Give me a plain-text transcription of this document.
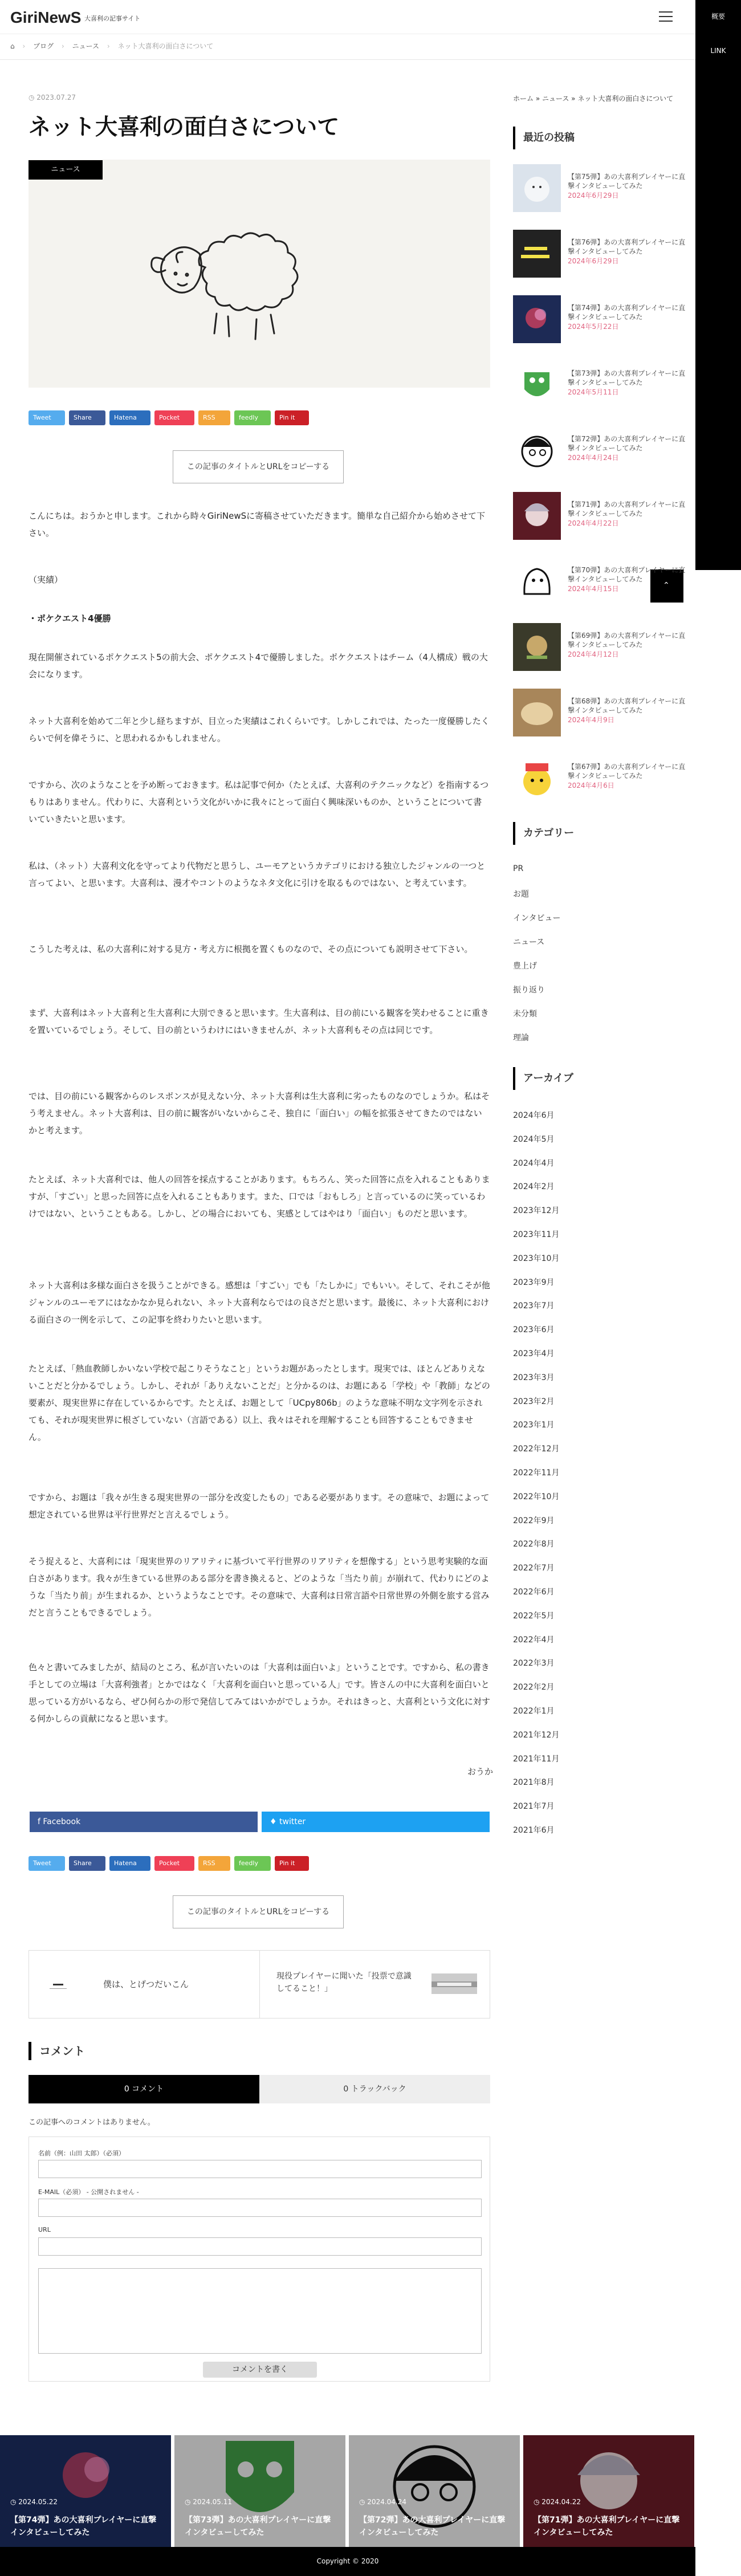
GiriNewS 大喜利の記事サイト	概要
LINK
⌃
⌂ › ブログ › ニュース › ネット大喜利の面白さについて
◷ 2023.07.27
ネット大喜利の面白さについて
ニュース
Tweet	Share	Hatena	Pocket	RSS	feedly	Pin it
この記事のタイトルとURLをコピーする

こんにちは。おうかと申します。これから時々GiriNewSに寄稿させていただきます。簡単な自己紹介から始めさせて下さい。

（実績）

・ポケクエスト4優勝

現在開催されているポケクエスト5の前大会、ポケクエスト4で優勝しました。ポケクエストはチーム（4人構成）戦の大会になります。

ネット大喜利を始めて二年と少し経ちますが、目立った実績はこれくらいです。しかしこれでは、たった一度優勝したくらいで何を偉そうに、と思われるかもしれません。

ですから、次のようなことを予め断っておきます。私は記事で何か（たとえば、大喜利のテクニックなど）を指南するつもりはありません。代わりに、大喜利という文化がいかに我々にとって面白く興味深いものか、ということについて書いていきたいと思います。

私は、（ネット）大喜利文化を守ってより代物だと思うし、ユーモアというカテゴリにおける独立したジャンルの一つと言ってよい、と思います。大喜利は、漫才やコントのようなネタ文化に引けを取るものではない、と考えています。

こうした考えは、私の大喜利に対する見方・考え方に根拠を置くものなので、その点についても説明させて下さい。

まず、大喜利はネット大喜利と生大喜利に大別できると思います。生大喜利は、目の前にいる観客を笑わせることに重きを置いているでしょう。そして、目の前というわけにはいきませんが、ネット大喜利もその点は同じです。

では、目の前にいる観客からのレスポンスが見えない分、ネット大喜利は生大喜利に劣ったものなのでしょうか。私はそう考えません。ネット大喜利は、目の前に観客がいないからこそ、独自に「面白い」の幅を拡張させてきたのではないかと考えます。

たとえば、ネット大喜利では、他人の回答を採点することがあります。もちろん、笑った回答に点を入れることもありますが、「すごい」と思った回答に点を入れることもあります。また、口では「おもしろ」と言っているのに笑っているわけではない、ということもある。しかし、どの場合においても、実感としてはやはり「面白い」ものだと思います。

ネット大喜利は多様な面白さを扱うことができる。感想は「すごい」でも「たしかに」でもいい。そして、それこそが他ジャンルのユーモアにはなかなか見られない、ネット大喜利ならではの良さだと思います。最後に、ネット大喜利における面白さの一例を示して、この記事を終わりたいと思います。

たとえば、「熱血教師しかいない学校で起こりそうなこと」というお題があったとします。現実では、ほとんどありえないことだと分かるでしょう。しかし、それが「ありえないことだ」と分かるのは、お題にある「学校」や「教師」などの要素が、現実世界に存在しているからです。たとえば、お題として「UCpy806b」のような意味不明な文字列を示されても、それが現実世界に根ざしていない（言語である）以上、我々はそれを理解することも回答することもできません。

ですから、お題は「我々が生きる現実世界の一部分を改変したもの」である必要があります。その意味で、お題によって想定されている世界は平行世界だと言えるでしょう。

そう捉えると、大喜利には「現実世界のリアリティに基づいて平行世界のリアリティを想像する」という思考実験的な面白さがあります。我々が生きている世界のある部分を書き換えると、どのような「当たり前」が崩れて、代わりにどのような「当たり前」が生まれるか、というようなことです。その意味で、大喜利は日常言語や日常世界の外側を旅する営みだと言うこともできるでしょう。

色々と書いてみましたが、結局のところ、私が言いたいのは「大喜利は面白いよ」ということです。ですから、私の書き手としての立場は「大喜利強者」とかではなく「大喜利を面白いと思っている人」です。皆さんの中に大喜利を面白いと思っている方がいるなら、ぜひ何らかの形で発信してみてはいかがでしょうか。それはきっと、大喜利という文化に対する何かしらの貢献になると思います。

おうか
f Facebook	♦ twitter
Tweet	Share	Hatena	Pocket	RSS	feedly	Pin it
この記事のタイトルとURLをコピーする
僕は、とげつだいこん
現役プレイヤーに聞いた「投票で意識してること！」
コメント
0 コメント	0 トラックバック
この記事へのコメントはありません。
名前（例：山田 太郎）（必須）
E-MAIL（必須） - 公開されません -
URL
コメントを書く
ホーム » ニュース » ネット大喜利の面白さについて
最近の投稿
【第75弾】あの大喜利プレイヤーに直撃インタビューしてみた
2024年6月29日
【第76弾】あの大喜利プレイヤーに直撃インタビューしてみた
2024年6月29日
【第74弾】あの大喜利プレイヤーに直撃インタビューしてみた
2024年5月22日
【第73弾】あの大喜利プレイヤーに直撃インタビューしてみた
2024年5月11日
【第72弾】あの大喜利プレイヤーに直撃インタビューしてみた
2024年4月24日
【第71弾】あの大喜利プレイヤーに直撃インタビューしてみた
2024年4月22日
【第70弾】あの大喜利プレイヤーに直撃インタビューしてみた
2024年4月15日
【第69弾】あの大喜利プレイヤーに直撃インタビューしてみた
2024年4月12日
【第68弾】あの大喜利プレイヤーに直撃インタビューしてみた
2024年4月9日
【第67弾】あの大喜利プレイヤーに直撃インタビューしてみた
2024年4月6日
カテゴリー
PR
お題
インタビュー
ニュース
豊上げ
振り返り
未分類
理論
アーカイブ
2024年6月
2024年5月
2024年4月
2024年2月
2023年12月
2023年11月
2023年10月
2023年9月
2023年7月
2023年6月
2023年4月
2023年3月
2023年2月
2023年1月
2022年12月
2022年11月
2022年10月
2022年9月
2022年8月
2022年7月
2022年6月
2022年5月
2022年4月
2022年3月
2022年2月
2022年1月
2021年12月
2021年11月
2021年8月
2021年7月
2021年6月
◷ 2024.05.22
【第74弾】あの大喜利プレイヤーに直撃インタビューしてみた
◷ 2024.05.11
【第73弾】あの大喜利プレイヤーに直撃インタビューしてみた
◷ 2024.04.24
【第72弾】あの大喜利プレイヤーに直撃インタビューしてみた
◷ 2024.04.22
【第71弾】あの大喜利プレイヤーに直撃インタビューしてみた
Copyright © 2020
